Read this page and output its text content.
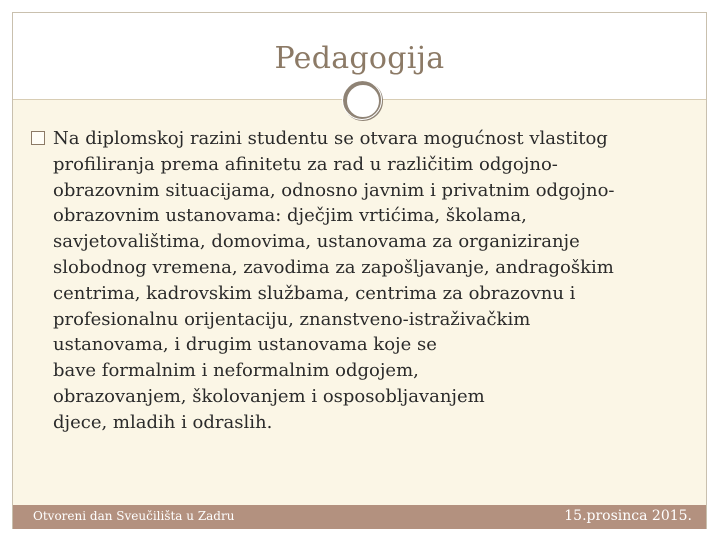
Pedagogija
Na diplomskoj razini studentu se otvara mogućnost vlastitog
profiliranja prema afinitetu za rad u različitim odgojno-
obrazovnim situacijama, odnosno javnim i privatnim odgojno-
obrazovnim ustanovama: dječjim vrtićima, školama,
savjetovalištima, domovima, ustanovama za organiziranje
slobodnog vremena, zavodima za zapošljavanje, andragoškim
centrima, kadrovskim službama, centrima za obrazovnu i
profesionalnu orijentaciju, znanstveno-istraživačkim
ustanovama, i drugim ustanovama koje se
bave formalnim i neformalnim odgojem,
obrazovanjem, školovanjem i osposobljavanjem
djece, mladih i odraslih.
Otvoreni dan Sveučilišta u Zadru	15.prosinca 2015.
